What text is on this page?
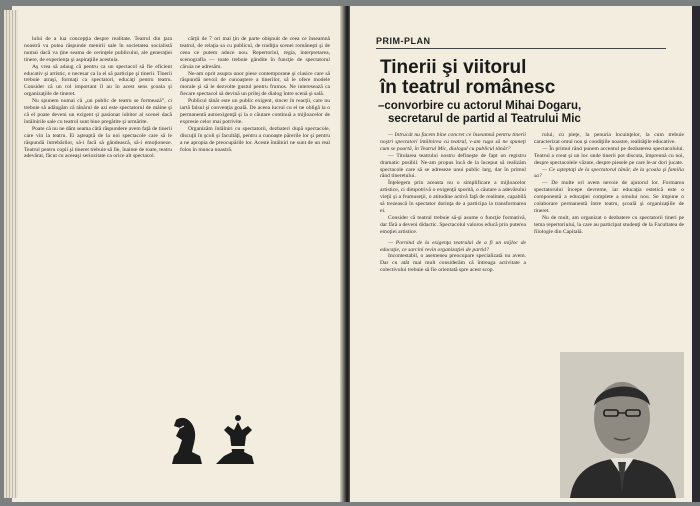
lului de a lua concepţia despre realitate. Teatrul din ţara noastră va putea răspunde menirii sale în societatea socialistă numai dacă va ţine seama de cerinţele publicului, ale generaţiei tinere, de experienţa şi aspiraţiile acestuia.

Aş vrea să adaug că pentru ca un spectacol să fie eficient educativ şi artistic, e necesar ca la el să participe şi tinerii. Tinerii trebuie atraşi, formaţi ca spectatori, educaţi pentru teatru. Consider că un rol important îl au în acest sens şcoala şi organizaţiile de tineret.

Nu spunem numai că „un public de teatru se formează”, ci trebuie să adăugăm că tânărul de azi este spectatorul de mâine şi că el poate deveni un exigent şi pasionat iubitor al scenei dacă întâlnirile sale cu teatrul sunt bine pregătite şi urmărite.

Poate că nu ne dăm seama câtă răspundere avem faţă de tinerii care vin la teatru. Ei aşteaptă de la noi spectacole care să le răspundă întrebărilor, să-i facă să gândească, să-i emoţioneze. Teatrul pentru copii şi tineret trebuie să fie, înainte de toate, teatru adevărat, făcut cu aceeaşi seriozitate ca orice alt spectacol.

cărţii de 7 ori mai ţin de parte obişnuit de ceea ce înseamnă teatrul, de relaţia sa cu publicul, de tradiţia scenei româneşti şi de ceea ce putem aduce nou. Repertoriul, regia, interpretarea, scenografia — toate trebuie gândite în funcţie de spectatorul căruia ne adresăm.

Ne-am oprit asupra unor piese contemporane şi clasice care să răspundă nevoii de cunoaştere a tinerilor, să le ofere modele morale şi să le dezvolte gustul pentru frumos. Ne interesează ca fiecare spectacol să devină un prilej de dialog între scenă şi sală.

Publicul tânăr este un public exigent, sincer în reacţii, care nu iartă falsul şi convenţia goală. De aceea lucrul cu el ne obligă la o permanentă autoexigenţă şi la o căutare continuă a mijloacelor de expresie celor mai potrivite.

Organizăm întâlniri cu spectatorii, dezbateri după spectacole, discuţii în şcoli şi facultăţi, pentru a cunoaşte părerile lor şi pentru a ne apropia de preocupările lor. Aceste întâlniri ne sunt de un real folos în munca noastră.

PRIM-PLAN
Tinerii şi viitorul
în teatrul românesc
–convorbire cu actorul Mihai Dogaru,
secretarul de partid al Teatrului Mic

— Întrucât nu facem bine concret ce înseamnă pentru tinerii noştri spectatori întâlnirea cu teatrul, v-am ruga să ne spuneţi cum se poartă, în Teatrul Mic, dialogul cu publicul tânăr?

— Titularea teatrului nostru defineşte de fapt un registru dramatic posibil. Ne-am propus încă de la început să realizăm spectacole care să se adreseze unui public larg, dar în primul rând tineretului.

Înţelegem prin aceasta nu o simplificare a mijloacelor artistice, ci dimpotrivă o exigenţă sporită, o căutare a adevărului vieţii şi a frumuseţii, o atitudine activă faţă de realitate, capabilă să trezească în spectator dorinţa de a participa la transformarea ei.

Consider că teatrul trebuie să-şi asume o funcţie formativă, dar fără a deveni didactic. Spectacolul valoros educă prin puterea emoţiei artistice.

— Pornind de la exigenţa teatrului de a fi un mijloc de educaţie, ce sarcini revin organizaţiei de partid?

Incontestabil, o asemenea preocupare specializată nu avem. Dar cu atât mai mult considerăm că întreaga activitate a colectivului trebuie să fie orientată spre acest scop.

rului, cu pieţe, la penuria locuinţelor, la cum trebuie caracterizat omul nou şi condiţiile noastre, realităţile educative.

— În primul rând punem accentul pe dezbaterea spectacolului. Teatrul a creat şi un loc unde tinerii pot discuta, împreună cu noi, despre spectacolele văzute, despre piesele pe care le-ar dori jucate.

— Ce aşteptaţi de la spectatorul tânăr, de la şcoala şi familia sa?

— De multe ori avem nevoie de ajutorul lor. Formarea spectatorului începe devreme, iar educaţia estetică este o componentă a educaţiei complete a omului nou. Se impune o colaborare permanentă între teatru, şcoală şi organizaţiile de tineret.

Nu de mult, am organizat o dezbatere cu spectatorii tineri pe tema repertoriului, la care au participat studenţi de la Facultatea de filologie din Capitală.
